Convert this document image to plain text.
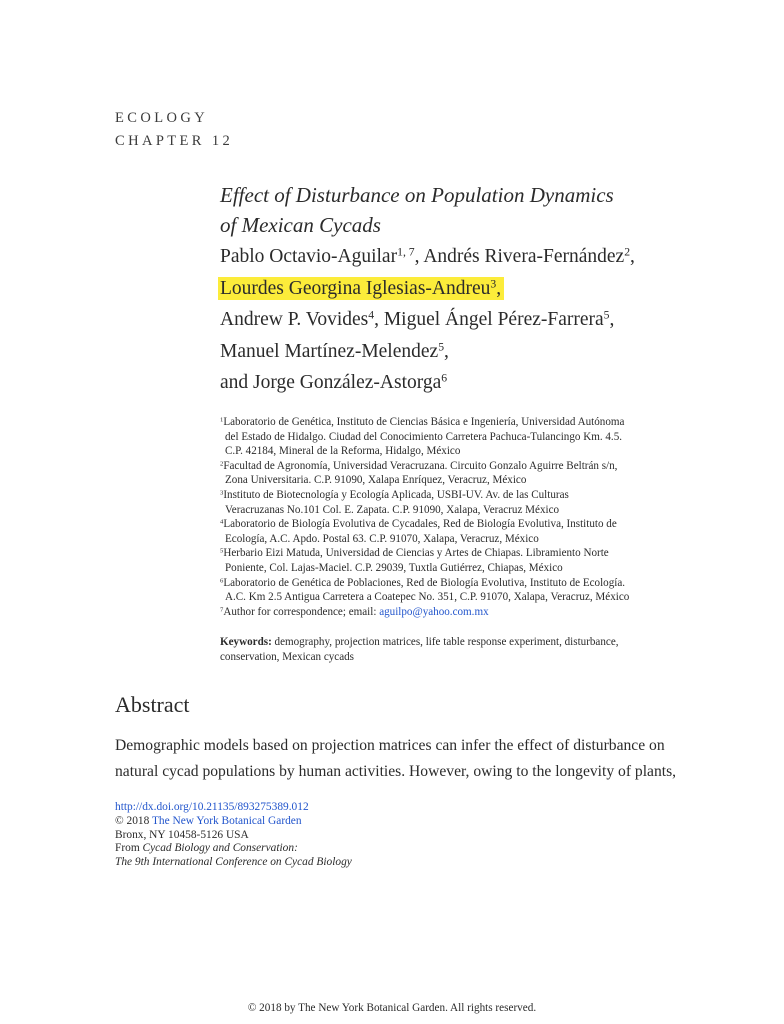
ECOLOGY
CHAPTER 12
Effect of Disturbance on Population Dynamics
of Mexican Cycads
Pablo Octavio-Aguilar$^{1, 7}$, Andrés Rivera-Fernández$^2$,
Lourdes Georgina Iglesias-Andreu$^3$,
Andrew P. Vovides$^4$, Miguel Ángel Pérez-Farrera$^5$,
Manuel Martínez-Melendez$^5$,
and Jorge González-Astorga$^6$
$^1$Laboratorio de Genética, Instituto de Ciencias Básica e Ingeniería, Universidad Autónoma
del Estado de Hidalgo. Ciudad del Conocimiento Carretera Pachuca-Tulancingo Km. 4.5.
C.P. 42184, Mineral de la Reforma, Hidalgo, México
$^2$Facultad de Agronomía, Universidad Veracruzana. Circuito Gonzalo Aguirre Beltrán s/n,
Zona Universitaria. C.P. 91090, Xalapa Enríquez, Veracruz, México
$^3$Instituto de Biotecnología y Ecología Aplicada, USBI-UV. Av. de las Culturas
Veracruzanas No.101 Col. E. Zapata. C.P. 91090, Xalapa, Veracruz México
$^4$Laboratorio de Biología Evolutiva de Cycadales, Red de Biología Evolutiva, Instituto de
Ecología, A.C. Apdo. Postal 63. C.P. 91070, Xalapa, Veracruz, México
$^5$Herbario Eizi Matuda, Universidad de Ciencias y Artes de Chiapas. Libramiento Norte
Poniente, Col. Lajas-Maciel. C.P. 29039, Tuxtla Gutiérrez, Chiapas, México
$^6$Laboratorio de Genética de Poblaciones, Red de Biología Evolutiva, Instituto de Ecología.
A.C. Km 2.5 Antigua Carretera a Coatepec No. 351, C.P. 91070, Xalapa, Veracruz, México
$^7$Author for correspondence; email: aguilpo@yahoo.com.mx
Keywords: demography, projection matrices, life table response experiment, disturbance, conservation, Mexican cycads
Abstract
Demographic models based on projection matrices can infer the effect of disturbance on
natural cycad populations by human activities. However, owing to the longevity of plants,
http://dx.doi.org/10.21135/893275389.012
© 2018 The New York Botanical Garden
Bronx, NY 10458-5126 USA
From Cycad Biology and Conservation:
The 9th International Conference on Cycad Biology
© 2018 by The New York Botanical Garden. All rights reserved.
